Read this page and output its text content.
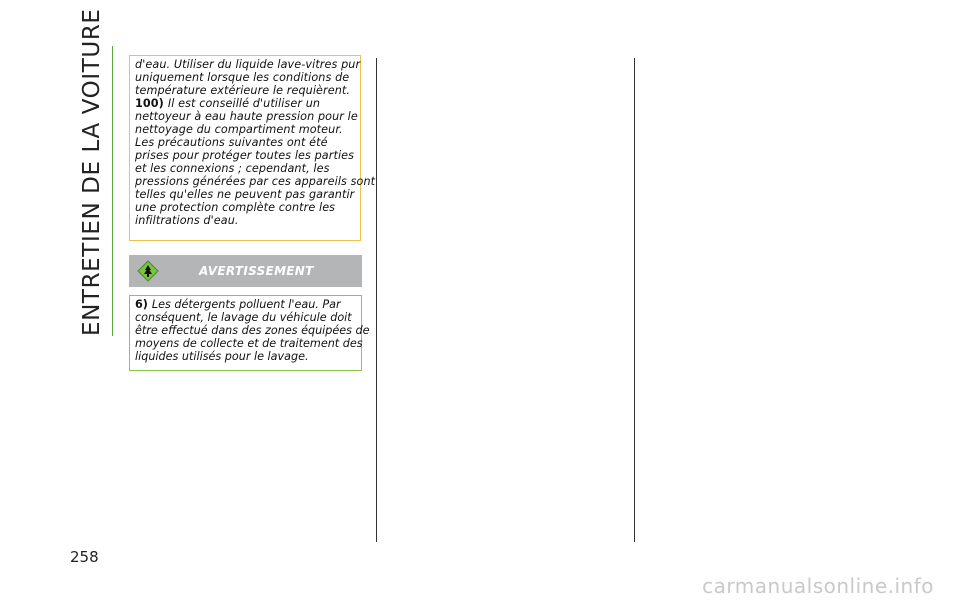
ENTRETIEN DE LA VOITURE	d'eau. Utiliser du liquide lave-vitres pur
uniquement lorsque les conditions de
température extérieure le requièrent.
100) Il est conseillé d'utiliser un
nettoyeur à eau haute pression pour le
nettoyage du compartiment moteur.
Les précautions suivantes ont été
prises pour protéger toutes les parties
et les connexions ; cependant, les
pressions générées par ces appareils sont
telles qu'elles ne peuvent pas garantir
une protection complète contre les
infiltrations d'eau.
AVERTISSEMENT
6) Les détergents polluent l'eau. Par
conséquent, le lavage du véhicule doit
être effectué dans des zones équipées de
moyens de collecte et de traitement des
liquides utilisés pour le lavage.
258
carmanualsonline.info
